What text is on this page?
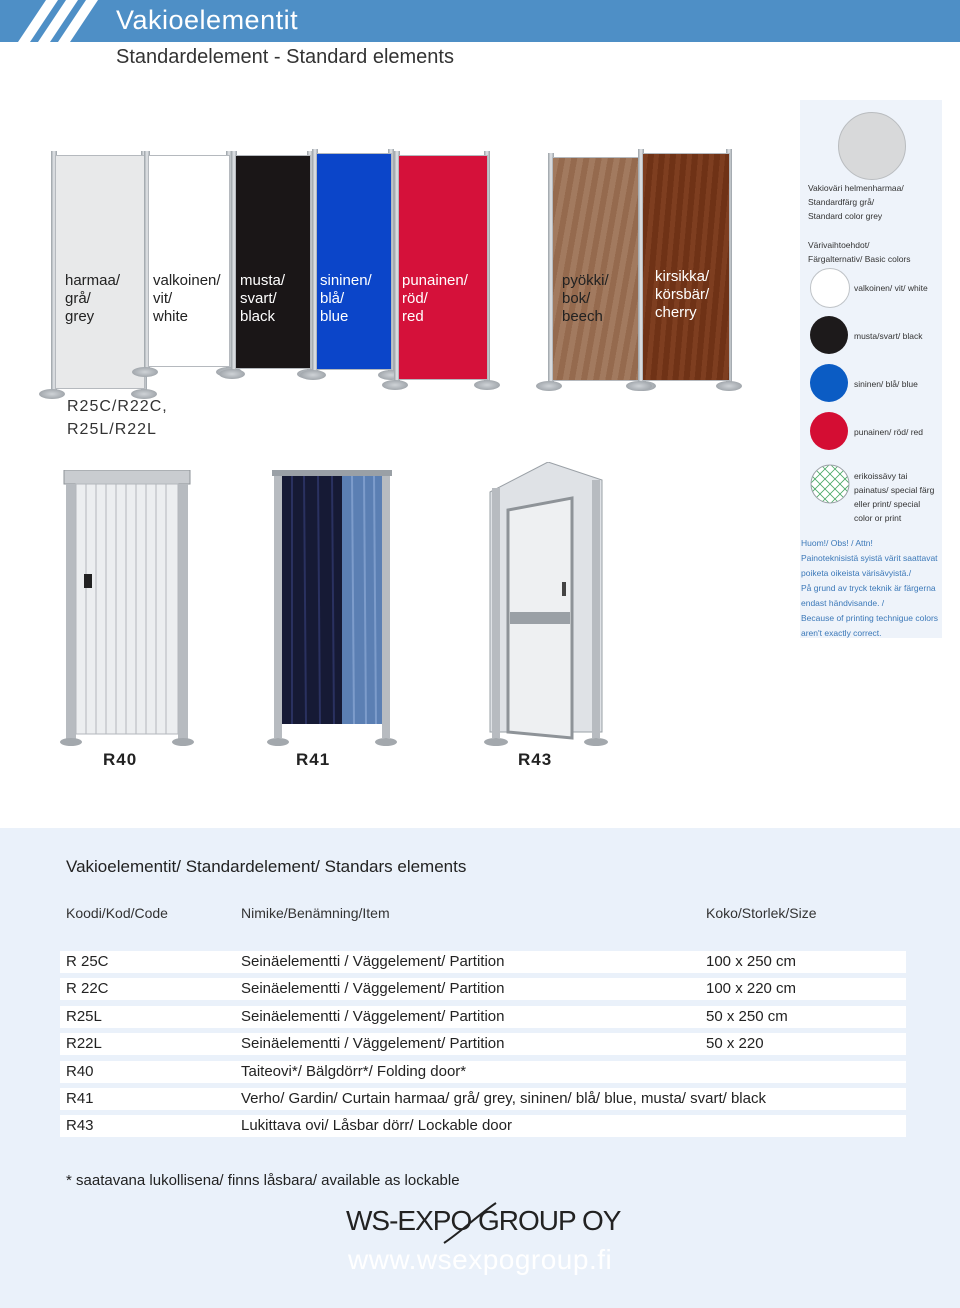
Vakioelementit
Standardelement - Standard elements
harmaa/
grå/
grey
valkoinen/
vit/
white
musta/
svart/
black
sininen/
blå/
blue
punainen/
röd/
red
pyökki/
bok/
beech
kirsikka/
körsbär/
cherry
R25C/R22C,
R25L/R22L
Vakioväri helmenharmaa/
Standardfärg grå/
Standard color grey
Värivaihtoehdot/
Färgalternativ/ Basic colors
valkoinen/ vit/ white
musta/svart/ black
sininen/ blå/ blue
punainen/ röd/ red
erikoissävy tai
painatus/ special färg
eller print/ special
color or print
Huom!/ Obs! / Attn!
Painoteknisistä syistä värit saattavat
poiketa oikeista värisävyistä./
På grund av tryck teknik är färgerna
endast händvisande. /
Because of printing technigue colors
aren't exactly correct.
R40	R41	R43
Vakioelementit/ Standardelement/ Standars elements
Koodi/Kod/Code	Nimike/Benämning/Item	Koko/Storlek/Size
R 25C	Seinäelementti / Väggelement/ Partition	100 x 250 cm
R 22C	Seinäelementti / Väggelement/ Partition	100 x 220 cm
R25L	Seinäelementti / Väggelement/ Partition	50 x 250 cm
R22L	Seinäelementti / Väggelement/ Partition	50 x 220
R40	Taiteovi*/ Bälgdörr*/ Folding door*
R41	Verho/ Gardin/ Curtain harmaa/ grå/ grey, sininen/ blå/ blue, musta/ svart/ black
R43	Lukittava ovi/ Låsbar dörr/ Lockable door
* saatavana lukollisena/ finns låsbara/ available as lockable
WS-EXPO GROUP OY
www.wsexpogroup.fi
